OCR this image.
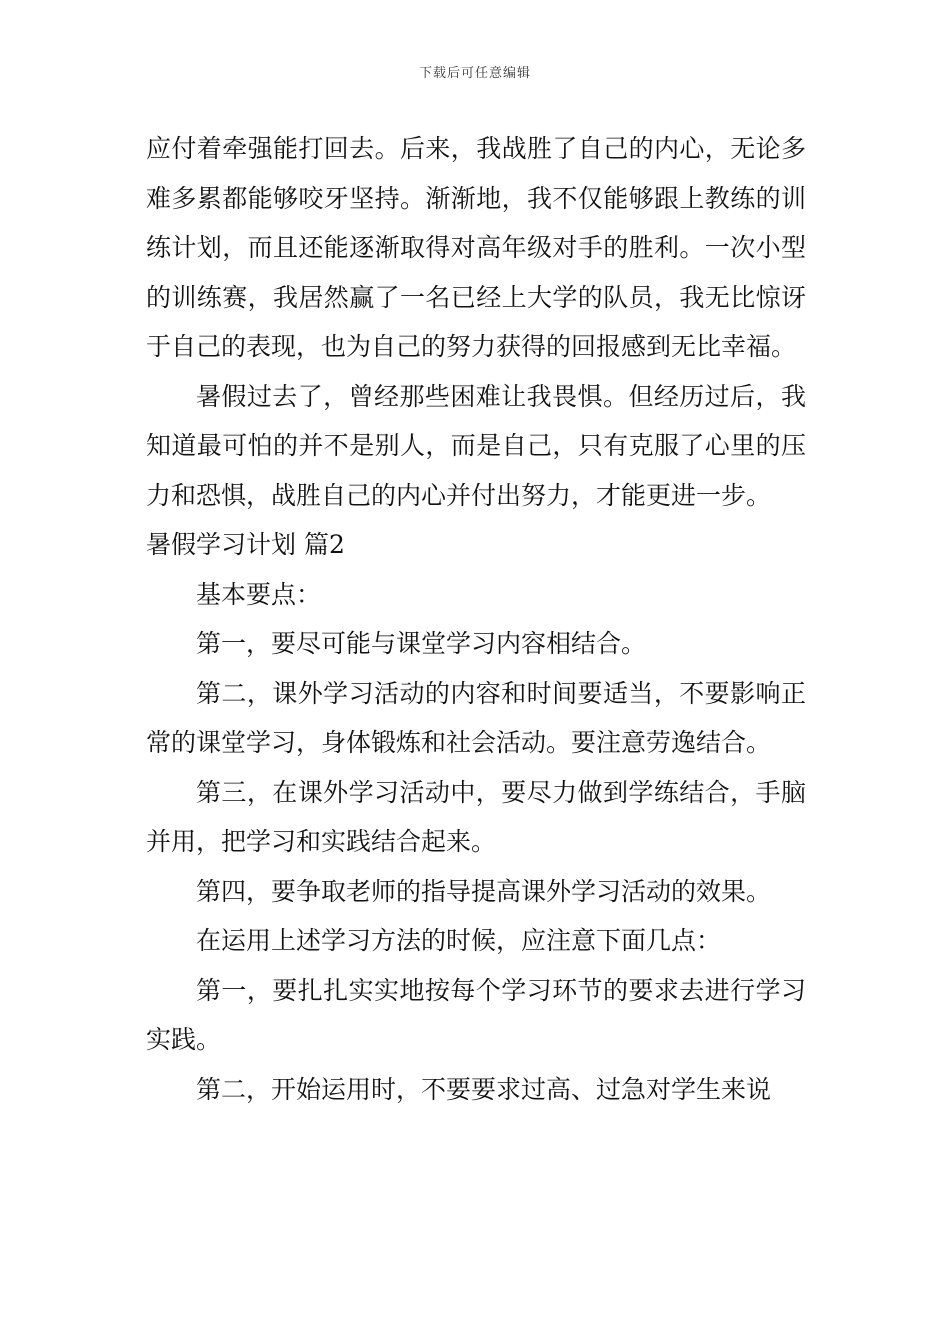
下载后可任意编辑

应付着牵强能打回去。后来，我战胜了自己的内心，无论多难多累都能够咬牙坚持。渐渐地，我不仅能够跟上教练的训练计划，而且还能逐渐取得对高年级对手的胜利。一次小型的训练赛，我居然赢了一名已经上大学的队员，我无比惊讶于自己的表现，也为自己的努力获得的回报感到无比幸福。

暑假过去了，曾经那些困难让我畏惧。但经历过后，我知道最可怕的并不是别人，而是自己，只有克服了心里的压力和恐惧，战胜自己的内心并付出努力，才能更进一步。

暑假学习计划 篇2

基本要点：

第一，要尽可能与课堂学习内容相结合。

第二，课外学习活动的内容和时间要适当，不要影响正常的课堂学习，身体锻炼和社会活动。要注意劳逸结合。

第三，在课外学习活动中，要尽力做到学练结合，手脑并用，把学习和实践结合起来。

第四，要争取老师的指导提高课外学习活动的效果。

在运用上述学习方法的时候，应注意下面几点：

第一，要扎扎实实地按每个学习环节的要求去进行学习实践。

第二，开始运用时，不要要求过高、过急对学生来说
